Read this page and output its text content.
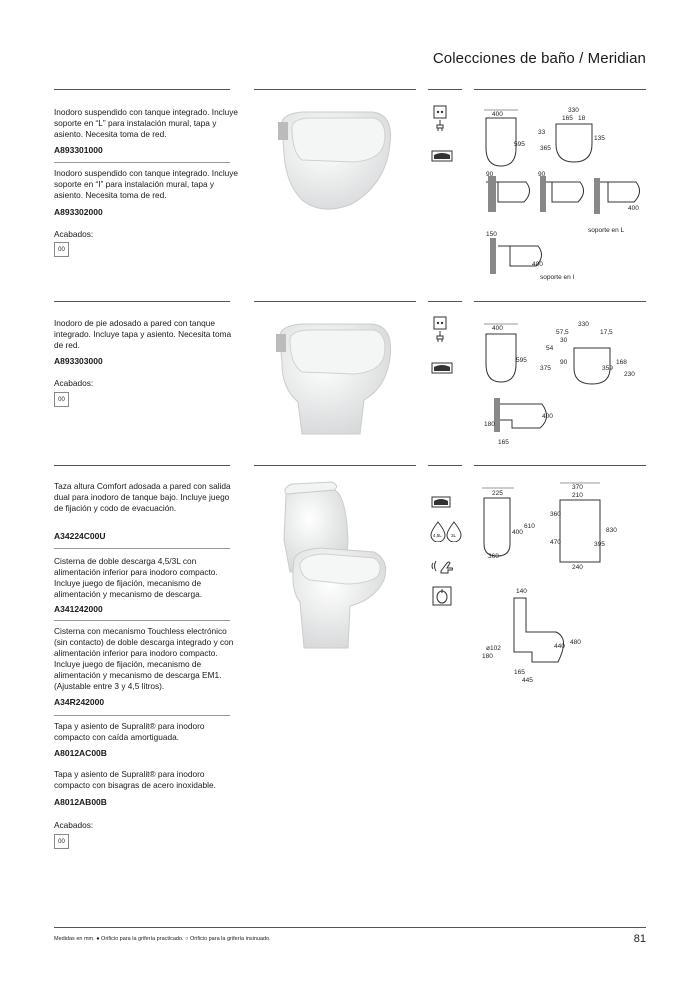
Colecciones de baño / Meridian
Inodoro suspendido con tanque integrado. Incluye soporte en “L” para instalación mural, tapa y asiento. Necesita toma de red.
A893301000
Inodoro suspendido con tanque integrado. Incluye soporte en “I” para instalación mural, tapa y asiento. Necesita toma de red.
A893302000
Acabados:
00
400
595
330
165 18
33
135
365
90	90
400
soporte en L
150
400
soporte en I
Inodoro de pie adosado a pared con tanque integrado. Incluye tapa y asiento. Necesita toma de red.
A893303000
Acabados:
00
400
595
330
57,5	17,5
30
54
90
375
168
359
230
400
180
165
Taza altura Comfort adosada a pared con salida dual para inodoro de tanque bajo. Incluye juego de fijación y codo de evacuación.
A34224C00U
Cisterna de doble descarga 4,5/3L con alimentación inferior para inodoro compacto. Incluye juego de fijación, mecanismo de alimentación y mecanismo de descarga.
A341242000
Cisterna con mecanismo Touchless electrónico (sin contacto) de doble descarga integrado y con alimentación inferior para inodoro compacto. Incluye juego de fijación, mecanismo de alimentación y mecanismo de descarga EM1. (Ajustable entre 3 y 4,5 litros).
A34R242000
Tapa y asiento de Supralit® para inodoro compacto con caída amortiguada.
A8012AC00B
Tapa y asiento de Supralit® para inodoro compacto con bisagras de acero inoxidable.
A8012AB00B
Acabados:
00
4,5L 3L
225
610
400
360
370
210
360
830
470	395
240
140
ø102	440
480
180
165
445
Medidas en mm. ● Orificio para la grifería practicado. ○ Orificio para la grifería insinuado.	81
